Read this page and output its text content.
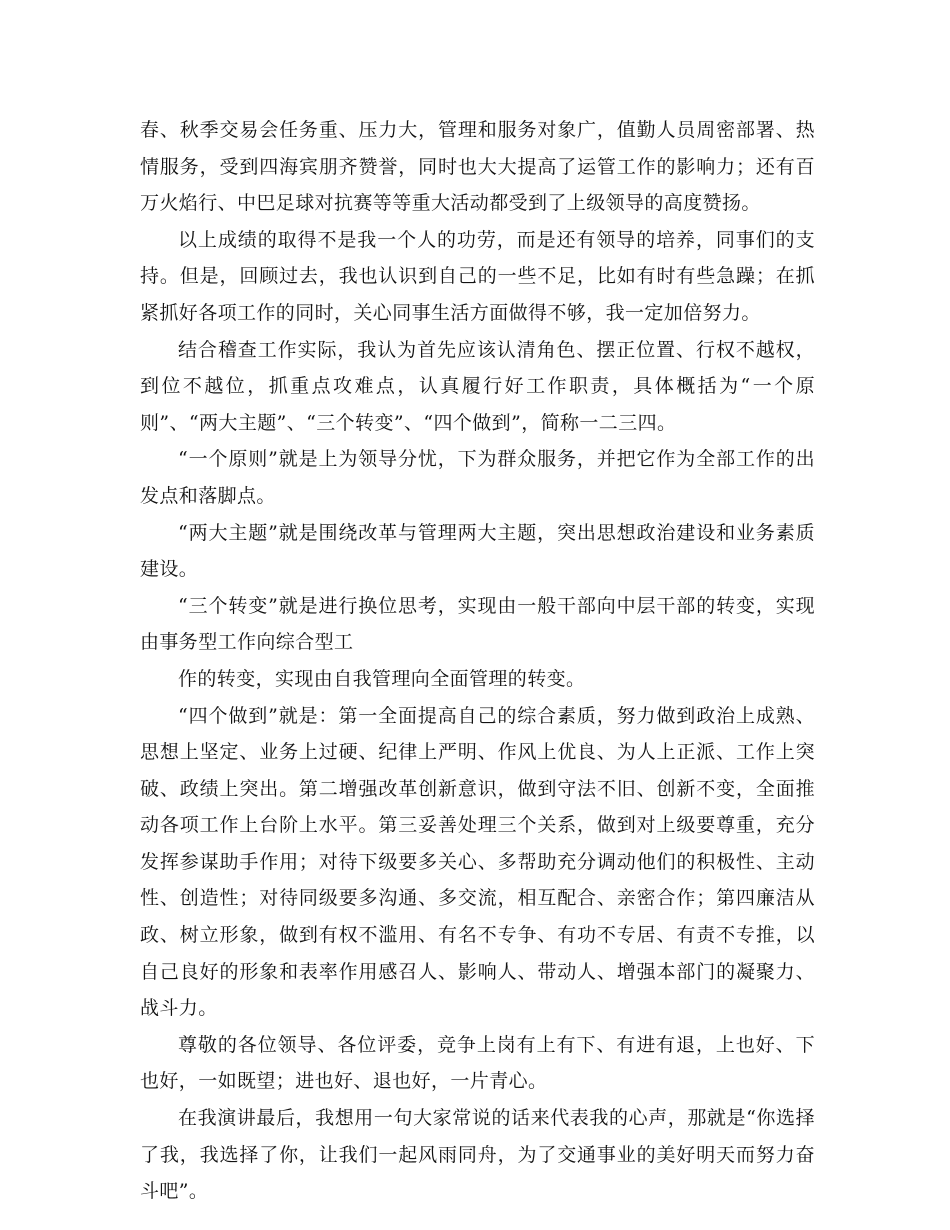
春、秋季交易会任务重、压力大，管理和服务对象广，值勤人员周密部署、热情服务，受到四海宾朋齐赞誉，同时也大大提高了运管工作的影响力；还有百万火焰行、中巴足球对抗赛等等重大活动都受到了上级领导的高度赞扬。

以上成绩的取得不是我一个人的功劳，而是还有领导的培养，同事们的支持。但是，回顾过去，我也认识到自己的一些不足，比如有时有些急躁；在抓紧抓好各项工作的同时，关心同事生活方面做得不够，我一定加倍努力。

结合稽查工作实际，我认为首先应该认清角色、摆正位置、行权不越权，到位不越位，抓重点攻难点，认真履行好工作职责，具体概括为“一个原则”、“两大主题”、“三个转变”、“四个做到”，简称一二三四。

“一个原则”就是上为领导分忧，下为群众服务，并把它作为全部工作的出发点和落脚点。

“两大主题”就是围绕改革与管理两大主题，突出思想政治建设和业务素质建设。

“三个转变”就是进行换位思考，实现由一般干部向中层干部的转变，实现由事务型工作向综合型工

作的转变，实现由自我管理向全面管理的转变。

“四个做到”就是：第一全面提高自己的综合素质，努力做到政治上成熟、思想上坚定、业务上过硬、纪律上严明、作风上优良、为人上正派、工作上突破、政绩上突出。第二增强改革创新意识，做到守法不旧、创新不变，全面推动各项工作上台阶上水平。第三妥善处理三个关系，做到对上级要尊重，充分发挥参谋助手作用；对待下级要多关心、多帮助充分调动他们的积极性、主动性、创造性；对待同级要多沟通、多交流，相互配合、亲密合作；第四廉洁从政、树立形象，做到有权不滥用、有名不专争、有功不专居、有责不专推，以自己良好的形象和表率作用感召人、影响人、带动人、增强本部门的凝聚力、战斗力。

尊敬的各位领导、各位评委，竞争上岗有上有下、有进有退，上也好、下也好，一如既望；进也好、退也好，一片青心。

在我演讲最后，我想用一句大家常说的话来代表我的心声，那就是“你选择了我，我选择了你，让我们一起风雨同舟，为了交通事业的美好明天而努力奋斗吧”。
